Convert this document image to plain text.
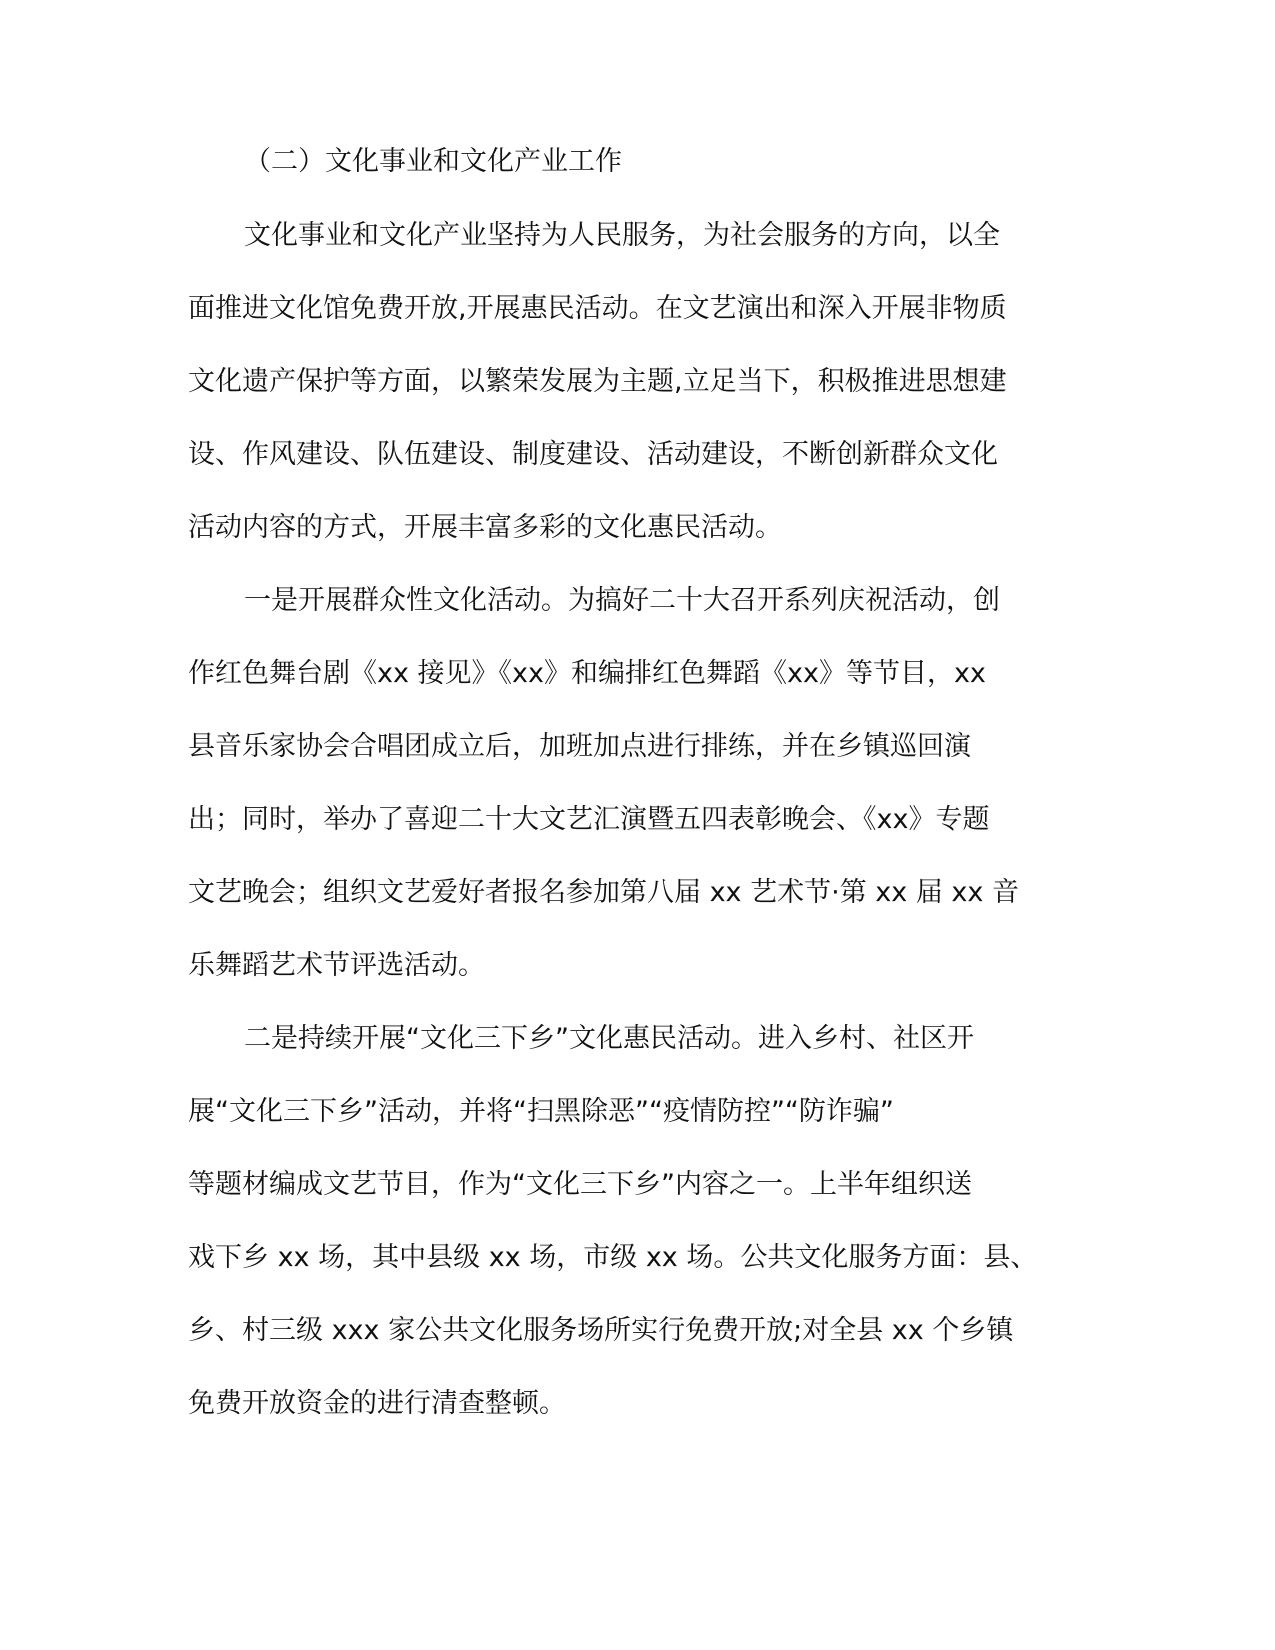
（二）文化事业和文化产业工作
文化事业和文化产业坚持为人民服务，为社会服务的方向，以全
面推进文化馆免费开放,开展惠民活动。在文艺演出和深入开展非物质
文化遗产保护等方面，以繁荣发展为主题,立足当下，积极推进思想建
设、作风建设、队伍建设、制度建设、活动建设，不断创新群众文化
活动内容的方式，开展丰富多彩的文化惠民活动。
一是开展群众性文化活动。为搞好二十大召开系列庆祝活动，创
作红色舞台剧《xx 接见》《xx》和编排红色舞蹈《xx》等节目，xx
县音乐家协会合唱团成立后，加班加点进行排练，并在乡镇巡回演
出；同时，举办了喜迎二十大文艺汇演暨五四表彰晚会、《xx》专题
文艺晚会；组织文艺爱好者报名参加第八届 xx 艺术节·第 xx 届 xx 音
乐舞蹈艺术节评选活动。
二是持续开展“文化三下乡”文化惠民活动。进入乡村、社区开
展“文化三下乡”活动，并将“扫黑除恶”“疫情防控”“防诈骗”
等题材编成文艺节目，作为“文化三下乡”内容之一。上半年组织送
戏下乡 xx 场，其中县级 xx 场，市级 xx 场。公共文化服务方面：县、
乡、村三级 xxx 家公共文化服务场所实行免费开放;对全县 xx 个乡镇
免费开放资金的进行清查整顿。
